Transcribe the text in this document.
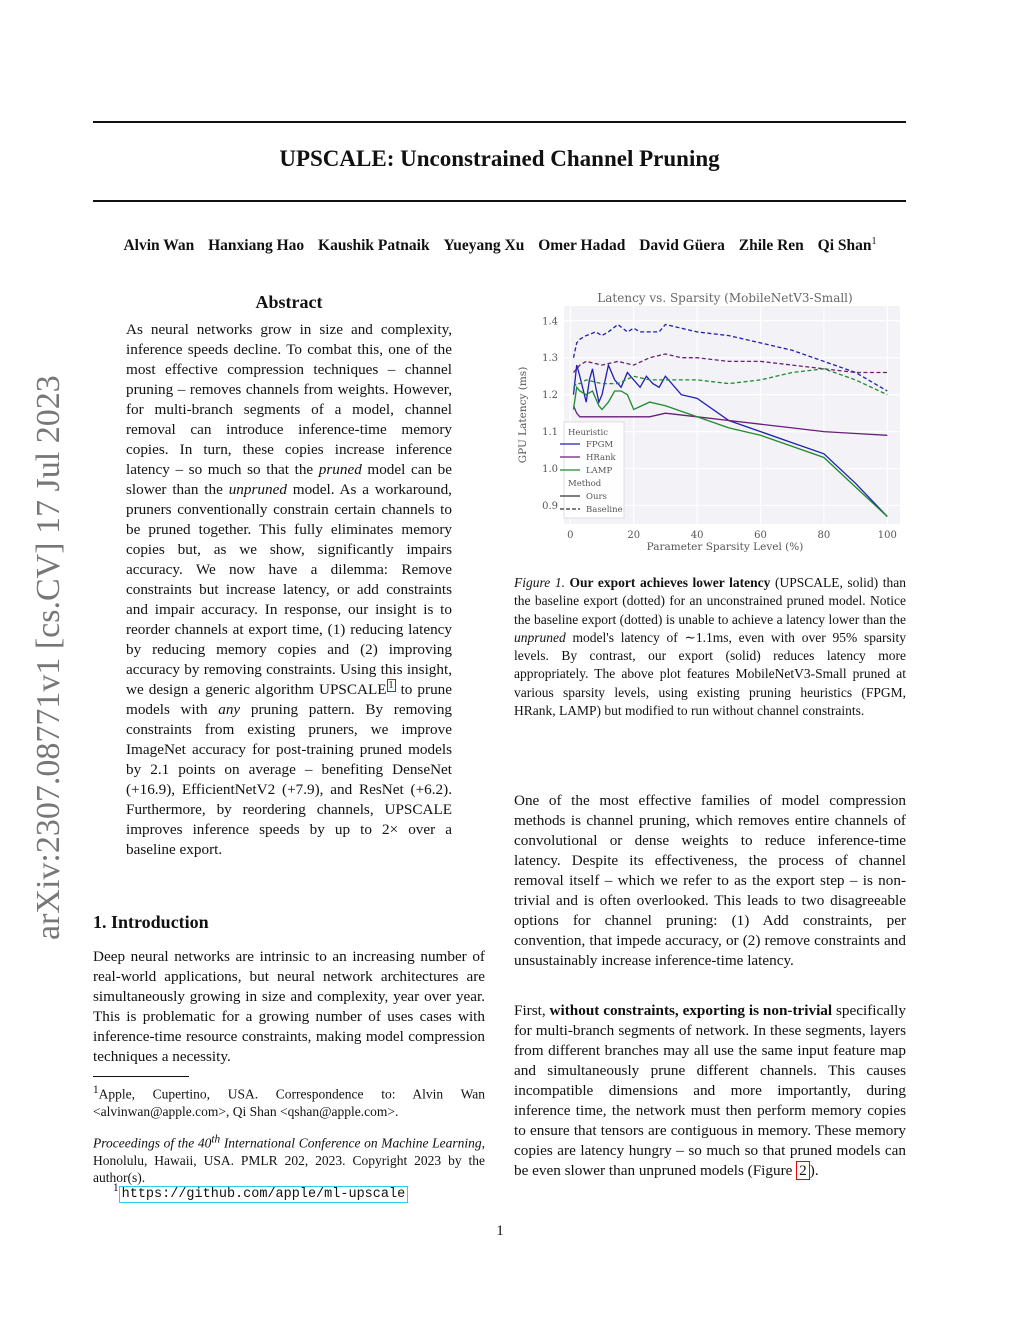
UPSCALE: Unconstrained Channel Pruning
Alvin Wan Hanxiang Hao Kaushik Patnaik Yueyang Xu Omer Hadad David Güera Zhile Ren Qi Shan$^1$
arXiv:2307.08771v1 [cs.CV] 17 Jul 2023
Abstract

As neural networks grow in size and complexity, inference speeds decline. To combat this, one of the most effective compression techniques – channel pruning – removes channels from weights. However, for multi-branch segments of a model, channel removal can introduce inference-time memory copies. In turn, these copies increase inference latency – so much so that the pruned model can be slower than the unpruned model. As a workaround, pruners conventionally constrain certain channels to be pruned together. This fully eliminates memory copies but, as we show, significantly impairs accuracy. We now have a dilemma: Remove constraints but increase latency, or add constraints and impair accuracy. In response, our insight is to reorder channels at export time, (1) reducing latency by reducing memory copies and (2) improving accuracy by removing constraints. Using this insight, we design a generic algorithm UPSCALE $^1$ to prune models with any pruning pattern. By removing constraints from existing pruners, we improve ImageNet accuracy for post-training pruned models by 2.1 points on average – benefiting DenseNet (+16.9), EfficientNetV2 (+7.9), and ResNet (+6.2). Furthermore, by reordering channels, UPSCALE improves inference speeds by up to 2× over a baseline export.

1. Introduction

Deep neural networks are intrinsic to an increasing number of real-world applications, but neural network architectures are simultaneously growing in size and complexity, year over year. This is problematic for a growing number of uses cases with inference-time resource constraints, making model compression techniques a necessity.

$^1$Apple, Cupertino, USA. Correspondence to: Alvin Wan <alvinwan@apple.com>, Qi Shan <qshan@apple.com>.

Proceedings of the 40th International Conference on Machine Learning, Honolulu, Hawaii, USA. PMLR 202, 2023. Copyright 2023 by the author(s).

$^1$ https://github.com/apple/ml-upscale
0	20	40	60	80	100
0.9
1.0
1.1
1.2
1.3
1.4
Latency vs. Sparsity (MobileNetV3-Small)
Parameter Sparsity Level (%)
GPU Latency (ms)	Heuristic
FPGM
HRank
LAMP
Method
Ours
Baseline

Figure 1. Our export achieves lower latency (UPSCALE, solid) than the baseline export (dotted) for an unconstrained pruned model. Notice the baseline export (dotted) is unable to achieve a latency lower than the unpruned model's latency of ∼1.1ms, even with over 95% sparsity levels. By contrast, our export (solid) reduces latency more appropriately. The above plot features MobileNetV3-Small pruned at various sparsity levels, using existing pruning heuristics (FPGM, HRank, LAMP) but modified to run without channel constraints.

One of the most effective families of model compression methods is channel pruning, which removes entire channels of convolutional or dense weights to reduce inference-time latency. Despite its effectiveness, the process of channel removal itself – which we refer to as the export step – is non-trivial and is often overlooked. This leads to two disagreeable options for channel pruning: (1) Add constraints, per convention, that impede accuracy, or (2) remove constraints and unsustainably increase inference-time latency.

First, without constraints, exporting is non-trivial specifically for multi-branch segments of network. In these segments, layers from different branches may all use the same input feature map and simultaneously prune different channels. This causes incompatible dimensions and more importantly, during inference time, the network must then perform memory copies to ensure that tensors are contiguous in memory. These memory copies are latency hungry – so much so that pruned models can be even slower than unpruned models (Figure 2 ).

1
